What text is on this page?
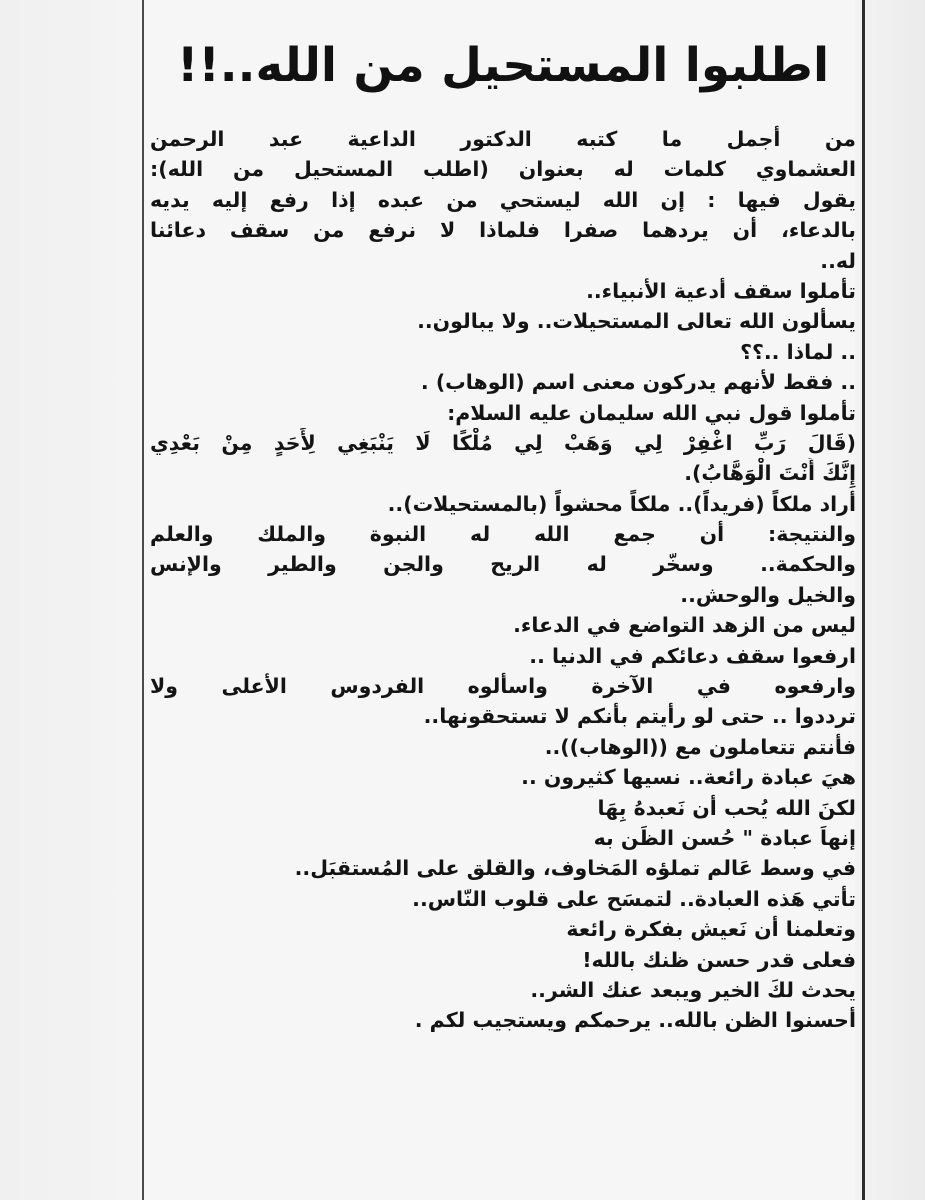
اطلبوا المستحيل من الله..!!
من أجمل ما كتبه الدكتور الداعية عبد الرحمن
العشماوي كلمات له بعنوان (اطلب المستحيل من الله):
يقول فيها : إن الله ليستحي من عبده إذا رفع إليه يديه
بالدعاء، أن يردهما صفرا فلماذا لا نرفع من سقف دعائنا
له..
تأملوا سقف أدعية الأنبياء..
يسألون الله تعالى المستحيلات.. ولا يبالون..
.. لماذا ..؟؟
.. فقط لأنهم يدركون معنى اسم (الوهاب) .
تأملوا قول نبي الله سليمان عليه السلام:
(قَالَ رَبِّ اغْفِرْ لِي وَهَبْ لِي مُلْكًا لَا يَنْبَغِي لِأَحَدٍ مِنْ بَعْدِي
إِنَّكَ أَنْتَ الْوَهَّابُ).
أراد ملكاً (فريداً).. ملكاً محشواً (بالمستحيلات)..
والنتيجة: أن جمع الله له النبوة والملك والعلم
والحكمة.. وسخّر له الريح والجن والطير والإنس
والخيل والوحش..
ليس من الزهد التواضع في الدعاء.
ارفعوا سقف دعائكم في الدنيا ..
وارفعوه في الآخرة واسألوه الفردوس الأعلى ولا
ترددوا .. حتى لو رأيتم بأنكم لا تستحقونها..
فأنتم تتعاملون مع ((الوهاب))..
هيَ عبادة رائعة.. نسيها كثيرون ..
لكنَ الله يُحب أن نَعبدهُ بِهَا
إنهاَ عبادة " حُسن الظَن به
في وسط عَالم تملؤه المَخاوف، والقلق على المُستقبَل..
تأتي هَذه العبادة.. لتمسَح على قلوب النّاس..
وتعلمنا أن نَعيش بفكرة رائعة
فعلى قدر حسن ظنك بالله!
يحدث لكَ الخير ويبعد عنك الشر..
أحسنوا الظن بالله.. يرحمكم ويستجيب لكم .
